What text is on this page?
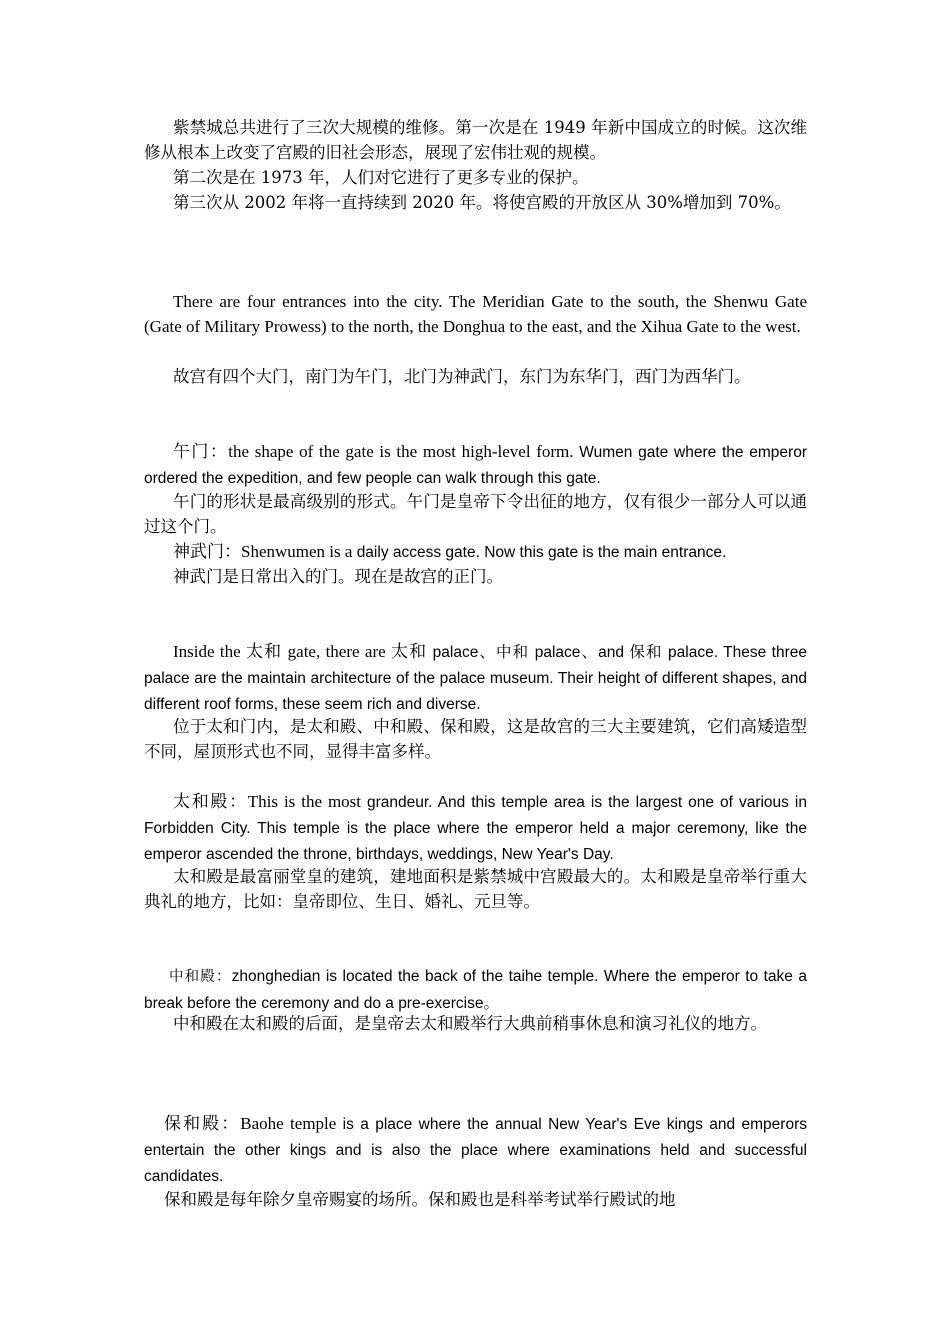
紫禁城总共进行了三次大规模的维修。第一次是在 1949 年新中国成立的时候。这次维修从根本上改变了宫殿的旧社会形态，展现了宏伟壮观的规模。

第二次是在 1973 年，人们对它进行了更多专业的保护。

第三次从 2002 年将一直持续到 2020 年。将使宫殿的开放区从 30%增加到 70%。

There are four entrances into the city. The Meridian Gate to the south, the Shenwu Gate (Gate of Military Prowess) to the north, the Donghua to the east, and the Xihua Gate to the west.

故宫有四个大门，南门为午门，北门为神武门，东门为东华门，西门为西华门。

午门：the shape of the gate is the most high-level form. Wumen gate where the emperor ordered the expedition, and few people can walk through this gate.

午门的形状是最高级别的形式。午门是皇帝下令出征的地方，仅有很少一部分人可以通过这个门。

神武门：Shenwumen is a daily access gate. Now this gate is the main entrance.

神武门是日常出入的门。现在是故宫的正门。

Inside the 太和 gate, there are 太和 palace、中和 palace、and 保和 palace. These three palace are the maintain architecture of the palace museum. Their height of different shapes, and different roof forms, these seem rich and diverse.

位于太和门内，是太和殿、中和殿、保和殿，这是故宫的三大主要建筑，它们高矮造型不同，屋顶形式也不同，显得丰富多样。

太和殿：This is the most grandeur. And this temple area is the largest one of various in Forbidden City. This temple is the place where the emperor held a major ceremony, like the emperor ascended the throne, birthdays, weddings, New Year's Day.

太和殿是最富丽堂皇的建筑，建地面积是紫禁城中宫殿最大的。太和殿是皇帝举行重大典礼的地方，比如：皇帝即位、生日、婚礼、元旦等。

中和殿：zhonghedian is located the back of the taihe temple. Where the emperor to take a break before the ceremony and do a pre-exercise。

中和殿在太和殿的后面，是皇帝去太和殿举行大典前稍事休息和演习礼仪的地方。

保和殿：Baohe temple is a place where the annual New Year's Eve kings and emperors entertain the other kings and is also the place where examinations held and successful candidates.

保和殿是每年除夕皇帝赐宴的场所。保和殿也是科举考试举行殿试的地
